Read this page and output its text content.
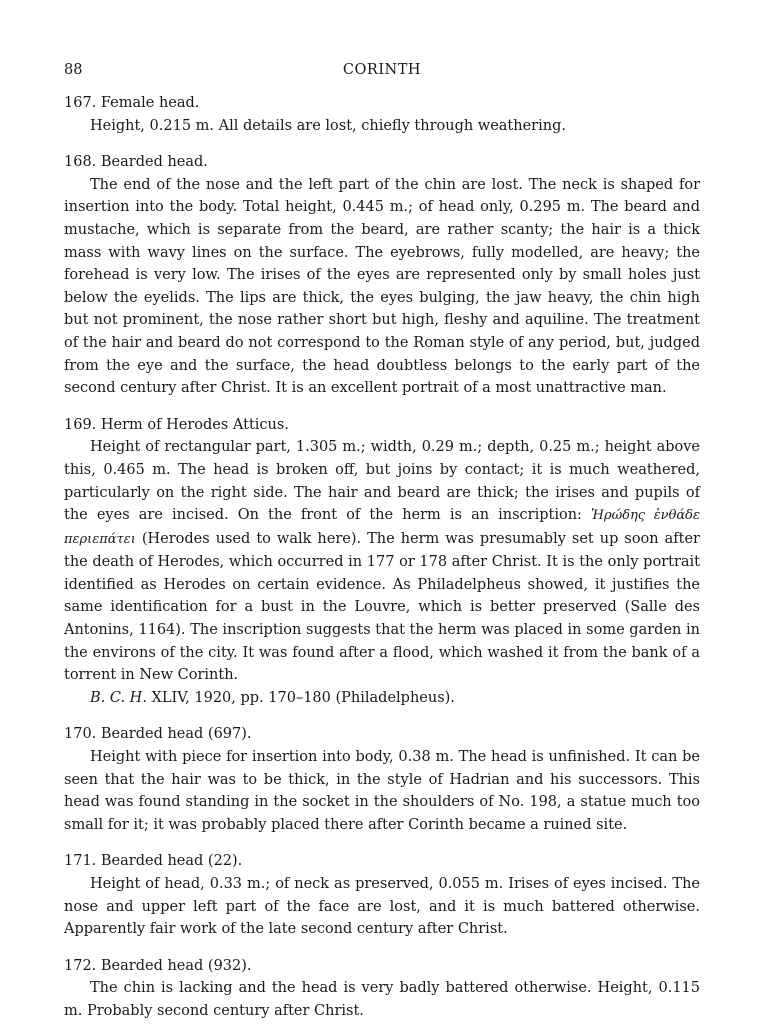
88	CORINTH

167. Female head.

Height, 0.215 m. All details are lost, chiefly through weathering.

168. Bearded head.

The end of the nose and the left part of the chin are lost. The neck is shaped for insertion into the body. Total height, 0.445 m.; of head only, 0.295 m. The beard and mustache, which is separate from the beard, are rather scanty; the hair is a thick mass with wavy lines on the surface. The eyebrows, fully modelled, are heavy; the forehead is very low. The irises of the eyes are represented only by small holes just below the eyelids. The lips are thick, the eyes bulging, the jaw heavy, the chin high but not prominent, the nose rather short but high, fleshy and aquiline. The treatment of the hair and beard do not correspond to the Roman style of any period, but, judged from the eye and the surface, the head doubtless belongs to the early part of the second century after Christ. It is an excellent portrait of a most unattractive man.

169. Herm of Herodes Atticus.

Height of rectangular part, 1.305 m.; width, 0.29 m.; depth, 0.25 m.; height above this, 0.465 m. The head is broken off, but joins by contact; it is much weathered, particularly on the right side. The hair and beard are thick; the irises and pupils of the eyes are incised. On the front of the herm is an inscription: Ἡρώδης ἐνθάδε περιεπάτει (Herodes used to walk here). The herm was presumably set up soon after the death of Herodes, which occurred in 177 or 178 after Christ. It is the only portrait identified as Herodes on certain evidence. As Philadelpheus showed, it justifies the same identification for a bust in the Louvre, which is better preserved (Salle des Antonins, 1164). The inscription suggests that the herm was placed in some garden in the environs of the city. It was found after a flood, which washed it from the bank of a torrent in New Corinth.

B. C. H. XLIV, 1920, pp. 170–180 (Philadelpheus).

170. Bearded head (697).

Height with piece for insertion into body, 0.38 m. The head is unfinished. It can be seen that the hair was to be thick, in the style of Hadrian and his successors. This head was found standing in the socket in the shoulders of No. 198, a statue much too small for it; it was probably placed there after Corinth became a ruined site.

171. Bearded head (22).

Height of head, 0.33 m.; of neck as preserved, 0.055 m. Irises of eyes incised. The nose and upper left part of the face are lost, and it is much battered otherwise. Apparently fair work of the late second century after Christ.

172. Bearded head (932).

The chin is lacking and the head is very badly battered otherwise. Height, 0.115 m. Probably second century after Christ.
